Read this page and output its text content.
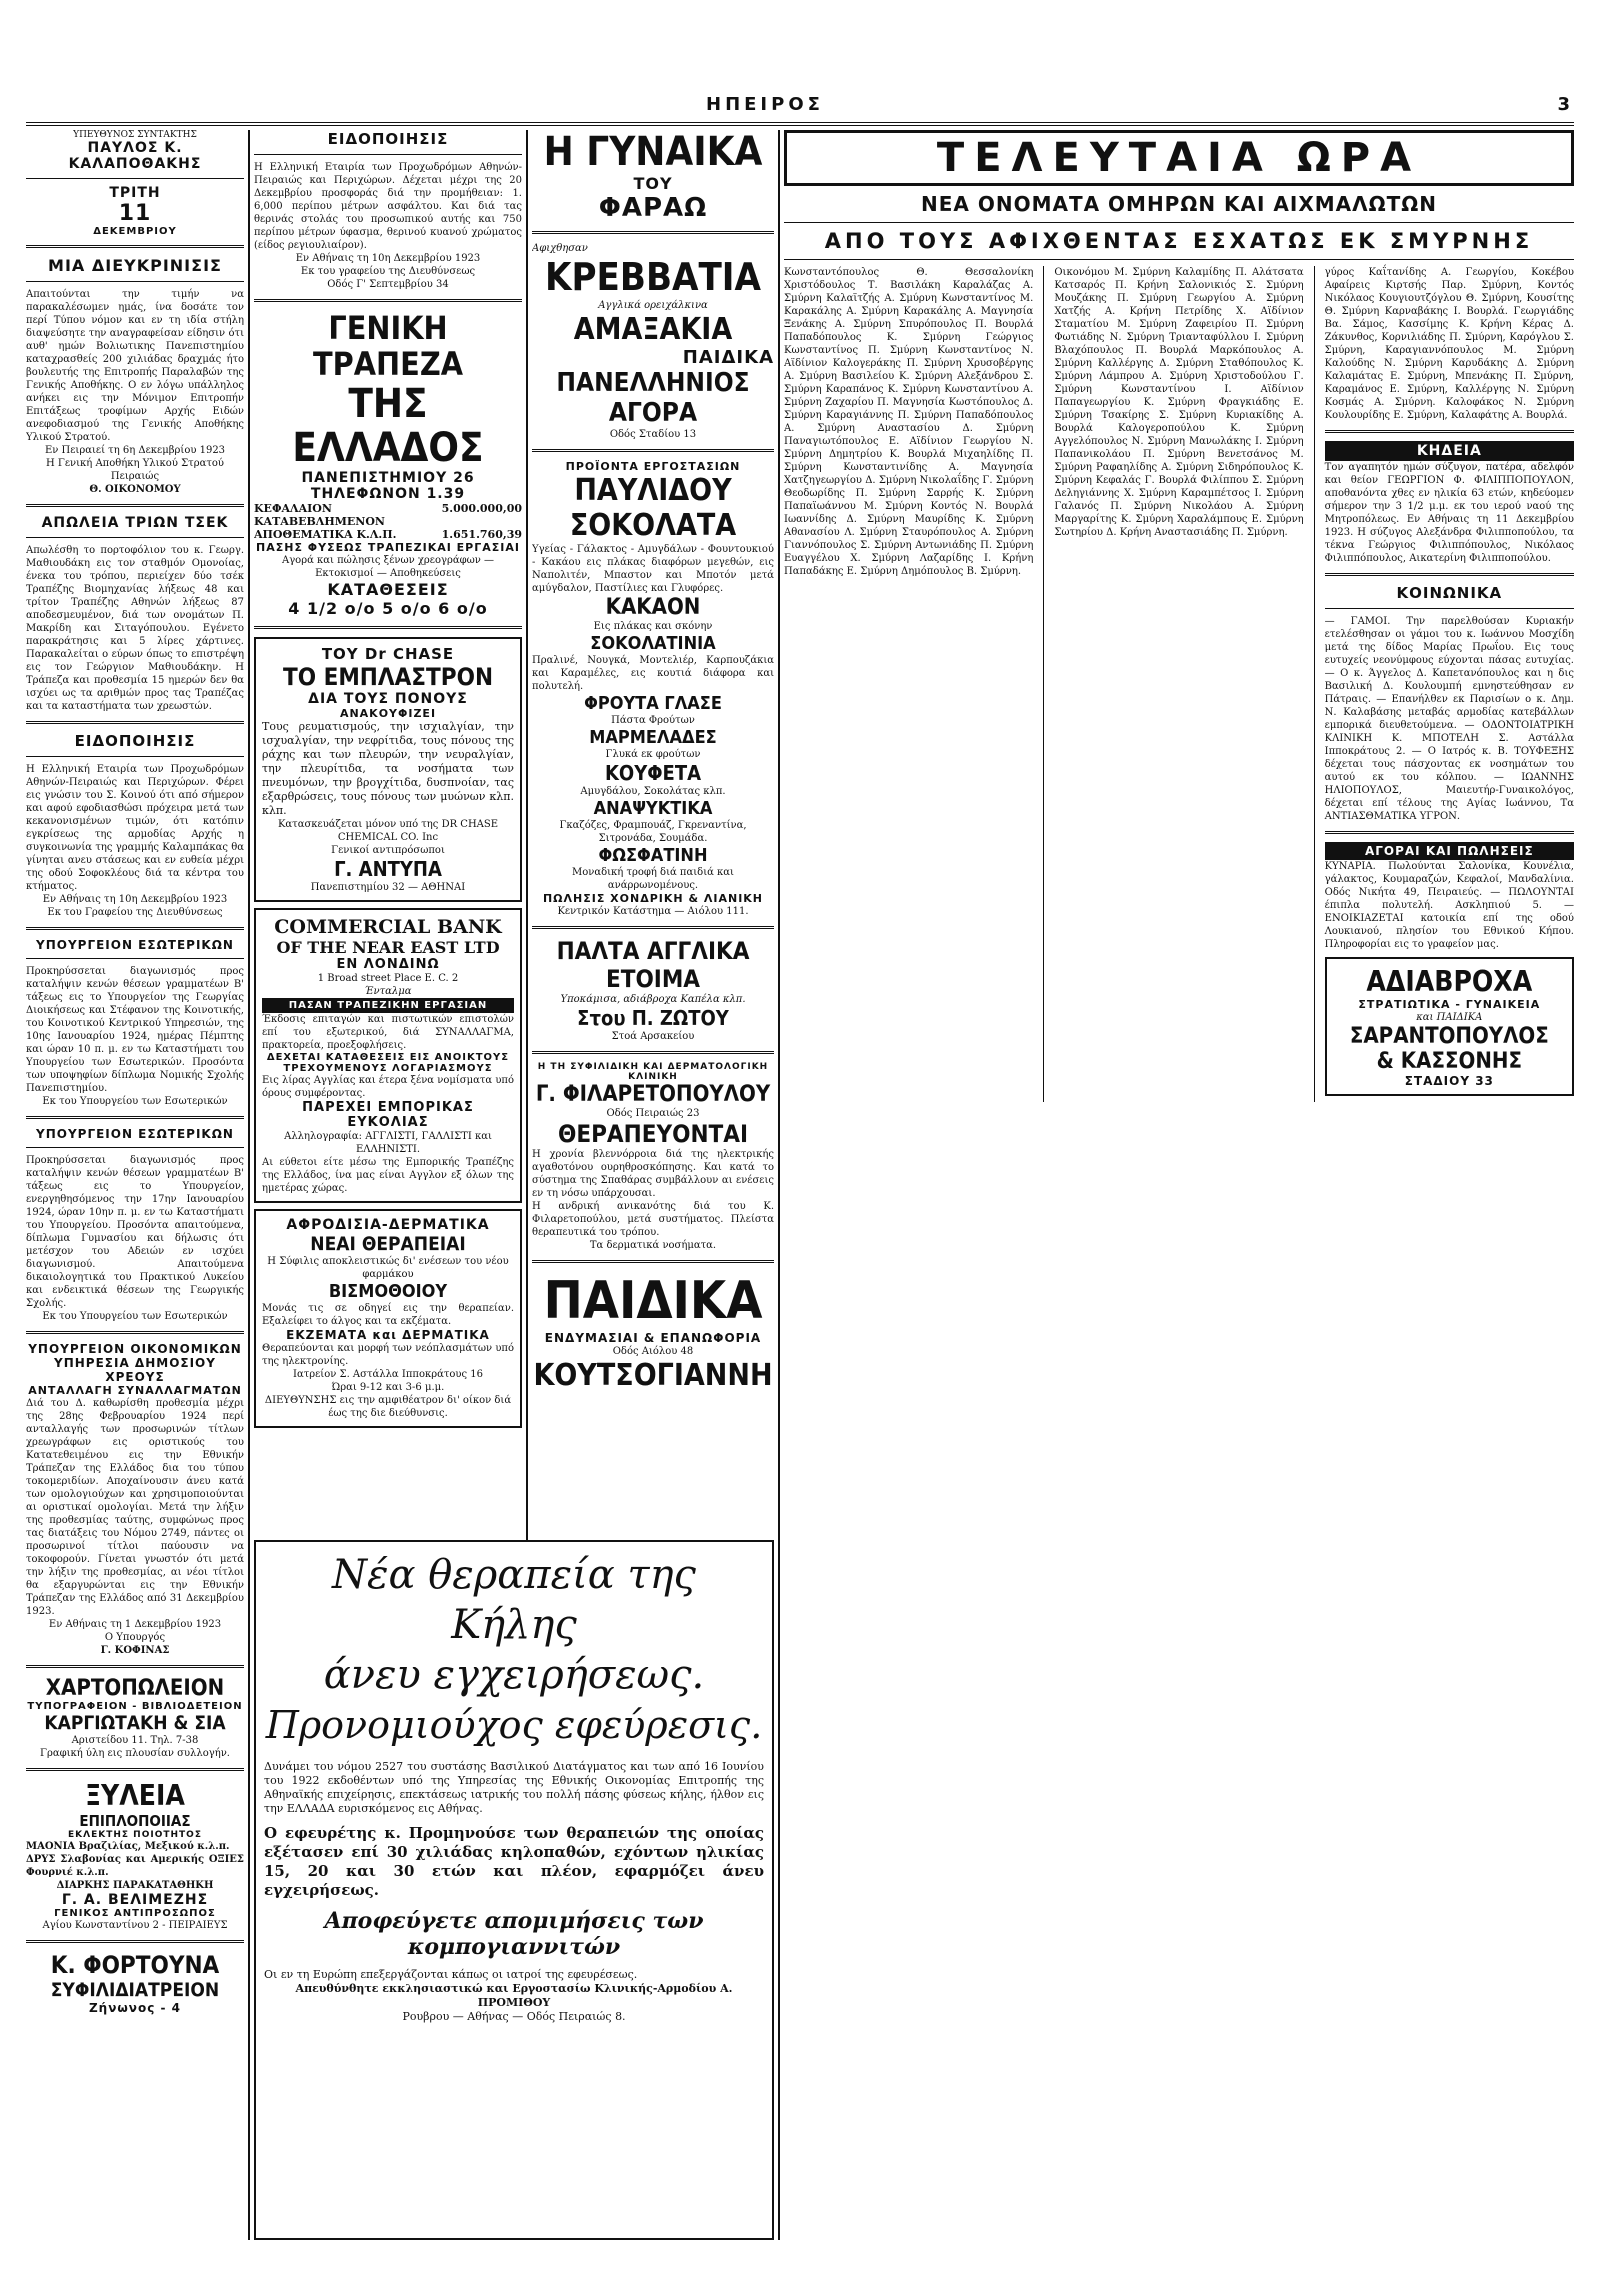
ΗΠΕΙΡΟΣ	3
ΥΠΕΥΘΥΝΟΣ ΣΥΝΤΑΚΤΗΣ
ΠΑΥΛΟΣ Κ. ΚΑΛΑΠΟΘΑΚΗΣ
ΤΡΙΤΗ
11
ΔΕΚΕΜΒΡΙΟΥ
ΜΙΑ ΔΙΕΥΚΡΙΝΙΣΙΣ

Απαιτούνται την τιμήν να παρακαλέσωμεν ημάς, ίνα δοσάτε τον περί Τύπου νόμον και εν τη ιδία στήλη διαψεύσητε την αναγραφείσαν είδησιν ότι αυθ' ημών Βολιωτικης Πανεπιστημίου καταχρασθείς 200 χιλιάδας δραχμάς ήτο βουλευτής της Επιτροπής Παραλαβών της Γενικής Αποθήκης. Ο εν λόγω υπάλληλος ανήκει εις την Μόνιμον Επιτροπήν Επιτάξεως τροφίμων Αρχής Ειδών ανεφοδιασμού της Γενικής Αποθήκης Υλικού Στρατού.

Εν Πειραιεί τη 6η Δεκεμβρίου 1923

Η Γενική Αποθήκη Υλικού Στρατού Πειραιώς

Θ. ΟΙΚΟΝΟΜΟΥ

ΑΠΩΛΕΙΑ ΤΡΙΩΝ ΤΣΕΚ

Απωλέσθη το πορτοφόλιον του κ. Γεωργ. Μαθιουδάκη εις τον σταθμόν Ομονοίας, ένεκα του τρόπου, περιείχεν δύο τσέκ Τραπέζης Βιομηχανίας λήξεως 48 και τρίτον Τραπέζης Αθηνών λήξεως 87 αποδεσμευμένον, διά των ονομάτων Π. Μακρίδη και Σιταγόπουλου. Εγένετο παρακράτησις και 5 λίρες χάρτινες. Παρακαλείται ο εύρων όπως το επιστρέψη εις τον Γεώργιον Μαθιουδάκην. Η Τράπεζα και προθεσμία 15 ημερών δεν θα ισχύει ως τα αριθμών προς τας Τραπέζας και τα καταστήματα των χρεωστών.

ΕΙΔΟΠΟΙΗΣΙΣ

Η Ελληνική Εταιρία των Προχωδρόμων Αθηνών-Πειραιώς και Περιχώρων. Φέρει εις γνώσιν του Σ. Κοινού ότι από σήμερον και αφού εφοδιασθώσι πρόχειρα μετά των κεκανονισμένων τιμών, ότι κατόπιν εγκρίσεως της αρμοδίας Αρχής η συγκοινωνία της γραμμής Καλαμπάκας θα γίνηται ανευ στάσεως και εν ευθεία μέχρι της οδού Σοφοκλέους διά τα κέντρα του κτήματος.

Εν Αθήναις τη 10η Δεκεμβρίου 1923

Εκ του Γραφείου της Διευθύνσεως

ΥΠΟΥΡΓΕΙΟΝ ΕΣΩΤΕΡΙΚΩΝ

Προκηρύσσεται διαγωνισμός προς καταλήψιν κενών θέσεων γραμματέων Β' τάξεως εις το Υπουργείον της Γεωργίας Διοικήσεως και Στέφανον της Κοινοτικής, του Κοινοτικού Κεντρικού Υπηρεσιών, της 10ης Ιανουαρίου 1924, ημέρας Πέμπτης και ώραν 10 π. μ. εν τω Καταστήματι του Υπουργείου των Εσωτερικών. Προσόντα των υποψηφίων δίπλωμα Νομικής Σχολής Πανεπιστημίου.

Εκ του Υπουργείου των Εσωτερικών

ΥΠΟΥΡΓΕΙΟΝ ΕΣΩΤΕΡΙΚΩΝ

Προκηρύσσεται διαγωνισμός προς καταλήψιν κενών θέσεων γραμματέων Β' τάξεως εις το Υπουργείον, ενεργηθησόμενος την 17ην Ιανουαρίου 1924, ώραν 10ην π. μ. εν τω Καταστήματι του Υπουργείου. Προσόντα απαιτούμενα, δίπλωμα Γυμνασίου και δήλωσις ότι μετέσχον του Αδειών εν ισχύει διαγωνισμού. Απαιτούμενα δικαιολογητικά του Πρακτικού Λυκείου και ενδεικτικά θέσεων της Γεωργικής Σχολής.

Εκ του Υπουργείου των Εσωτερικών

ΥΠΟΥΡΓΕΙΟΝ ΟΙΚΟΝΟΜΙΚΩΝ
ΥΠΗΡΕΣΙΑ ΔΗΜΟΣΙΟΥ ΧΡΕΟΥΣ
ΑΝΤΑΛΛΑΓΗ ΣΥΝΑΛΛΑΓΜΑΤΩΝ

Διά του Δ. καθωρίσθη προθεσμία μέχρι της 28ης Φεβρουαρίου 1924 περί ανταλλαγής των προσωρινών τίτλων χρεωγράφων εις οριστικούς του Κατατεθειμένου εις την Εθνικήν Τράπεζαν της Ελλάδος δια του τύπου τοκομεριδίων. Αποχαίνουσιν άνευ κατά των ομολογιούχων και χρησιμοποιούνται αι οριστικαί ομολογίαι. Μετά την λήξιν της προθεσμίας ταύτης, συμφώνως προς τας διατάξεις του Νόμου 2749, πάντες οι προσωρινοί τίτλοι παύουσιν να τοκοφορούν. Γίνεται γνωστόν ότι μετά την λήξιν της προθεσμίας, αι νέοι τίτλοι θα εξαργυρώνται εις την Εθνικήν Τράπεζαν της Ελλάδος από 31 Δεκεμβρίου 1923.

Εν Αθήναις τη 1 Δεκεμβρίου 1923

Ο Υπουργός

Γ. ΚΟΦΙΝΑΣ

ΧΑΡΤΟΠΩΛΕΙΟΝ
ΤΥΠΟΓΡΑΦΕΙΟΝ - ΒΙΒΛΙΟΔΕΤΕΙΟΝ
ΚΑΡΓΙΩΤΑΚΗ & ΣΙΑ
Αριστείδου 11. Τηλ. 7-38
Γραφική ύλη εις πλουσίαν συλλογήν.
ΞΥΛΕΙΑ
ΕΠΙΠΛΟΠΟΙΙΑΣ
ΕΚΛΕΚΤΗΣ ΠΟΙΟΤΗΤΟΣ
ΜΑΟΝΙΑ Βραζιλίας, Μεξικού κ.λ.π.
ΔΡΥΣ Σλαβονίας και Αμερικής ΟΞΙΕΣ Φουρνιέ κ.λ.π.
ΔΙΑΡΚΗΣ ΠΑΡΑΚΑΤΑΘΗΚΗ
Γ. Α. ΒΕΛΙΜΕΖΗΣ
ΓΕΝΙΚΟΣ ΑΝΤΙΠΡΟΣΩΠΟΣ
Αγίου Κωνσταντίνου 2 - ΠΕΙΡΑΙΕΥΣ
Κ. ΦΟΡΤΟΥΝΑ
ΣΥΦΙΛΙΔΙΑΤΡΕΙΟΝ
Ζήνωνος - 4
ΕΙΔΟΠΟΙΗΣΙΣ

Η Ελληνική Εταιρία των Προχωδρόμων Αθηνών-Πειραιώς και Περιχώρων. Δέχεται μέχρι της 20 Δεκεμβρίου προσφοράς διά την προμήθειαν: 1. 6,000 περίπου μέτρων ασφάλτου. Και διά τας θερινάς στολάς του προσωπικού αυτής και 750 περίπου μέτρων ύφασμα, θερινού κυανού χρώματος (είδος ρεγιουλιαίρον).

Εν Αθήναις τη 10η Δεκεμβρίου 1923

Εκ του γραφείου της Διευθύνσεως

Οδός Γ' Σεπτεμβρίου 34

ΓΕΝΙΚΗ ΤΡΑΠΕΖΑ
ΤΗΣ ΕΛΛΑΔΟΣ
ΠΑΝΕΠΙΣΤΗΜΙΟΥ 26
ΤΗΛΕΦΩΝΟΝ 1.39
ΚΕΦΑΛΑΙΟΝ ΚΑΤΑΒΕΒΛΗΜΕΝΟΝ
5.000.000,00
ΑΠΟΘΕΜΑΤΙΚΑ Κ.Λ.Π.	1.651.760,39
ΠΑΣΗΣ ΦΥΣΕΩΣ ΤΡΑΠΕΖΙΚΑΙ ΕΡΓΑΣΙΑΙ
Αγορά και πώλησις ξένων χρεογράφων — Εκτοκισμοί — Αποθηκεύσεις
ΚΑΤΑΘΕΣΕΙΣ
4 1/2 ο/ο 5 ο/ο 6 ο/ο
ΤΟΥ Dr CHASE
ΤΟ ΕΜΠΛΑΣΤΡΟΝ
ΔΙΑ ΤΟΥΣ ΠΟΝΟΥΣ
ΑΝΑΚΟΥΦΙΖΕΙ

Τους ρευματισμούς, την ισχιαλγίαν, την ισχυαλγίαν, την νεφρίτιδα, τους πόνους της ράχης και των πλευρών, την νευραλγίαν, την πλευρίτιδα, τα νοσήματα των πνευμόνων, την βρογχίτιδα, δυσπνοίαν, τας εξαρθρώσεις, τους πόνους των μυώνων κλπ. κλπ.

Κατασκευάζεται μόνον υπό της DR CHASE CHEMICAL CO. Inc

Γενικοί αντιπρόσωποι

Γ. ΑΝΤΥΠΑ
Πανεπιστημίου 32 — ΑΘΗΝΑΙ
COMMERCIAL BANK
OF THE NEAR EAST LTD
ΕΝ ΛΟΝΔΙΝΩ
1 Broad street Place E. C. 2
Ένταλμα
ΠΑΣΑΝ ΤΡΑΠΕΖΙΚΗΝ ΕΡΓΑΣΙΑΝ

Έκδοσις επιταγών και πιστωτικών επιστολών επί του εξωτερικού, διά ΣΥΝΑΛΛΑΓΜΑ, πρακτορεία, προεξοφλήσεις.

ΔΕΧΕΤΑΙ ΚΑΤΑΘΕΣΕΙΣ ΕΙΣ ΑΝΟΙΚΤΟΥΣ ΤΡΕΧΟΥΜΕΝΟΥΣ ΛΟΓΑΡΙΑΣΜΟΥΣ

Εις λίρας Αγγλίας και έτερα ξένα νομίσματα υπό όρους συμφέροντας.

ΠΑΡΕΧΕΙ ΕΜΠΟΡΙΚΑΣ ΕΥΚΟΛΙΑΣ

Αλληλογραφία: ΑΓΓΛΙΣΤΙ, ΓΑΛΛΙΣΤΙ και ΕΛΛΗΝΙΣΤΙ.

Αι εύθετοι είτε μέσω της Εμπορικής Τραπέζης της Ελλάδος, ίνα μας είναι Αγγλον εξ όλων της ημετέρας χώρας.

ΑΦΡΟΔΙΣΙΑ-ΔΕΡΜΑΤΙΚΑ
ΝΕΑΙ ΘΕΡΑΠΕΙΑΙ

Η Σύφιλις αποκλειστικώς δι' ενέσεων του νέου φαρμάκου

ΒΙΣΜΟΘΟΙΟΥ

Μονάς τις σε οδηγεί εις την θεραπείαν. Εξαλείφει το άλγος και τα εκζέματα.

ΕΚΖΕΜΑΤΑ και ΔΕΡΜΑΤΙΚΑ

Θεραπεύονται και μορφή των νεόπλασμάτων υπό της ηλεκτρονίης.

Ιατρείον Σ. Αστάλλα Ιπποκράτους 16

Ώραι 9-12 και 3-6 μ.μ.

ΔΙΕΥΘΥΝΣΗΣ εις την αμφιθέατρον δι' οίκον διά έως της διε διεύθυνσις.

Νέα θεραπεία της Κήλης
άνευ εγχειρήσεως.
Προνομιούχος εφεύρεσις.

Δυνάμει του νόμου 2527 του συστάσης Βασιλικού Διατάγματος και των από 16 Ιουνίου του 1922 εκδοθέντων υπό της Υπηρεσίας της Εθνικής Οικονομίας Επιτροπής της Αθηναϊκής επιχείρησις, επεκτάσεως ιατρικής του πολλή πάσης φύσεως κήλης, ήλθον εις την ΕΛΛΑΔΑ ευρισκόμενος εις Αθήνας.

Ο εφευρέτης κ. Προμηνούσε των θεραπειών της οποίας εξέτασεν επί 30 χιλιάδας κηλοπαθών, εχόντων ηλικίας 15, 20 και 30 ετών και πλέον, εφαρμόζει άνευ εγχειρήσεως.

Αποφεύγετε απομιμήσεις των κομπογιαννιτών

Οι εν τη Ευρώπη επεξεργάζονται κάπως οι ιατροί της εφευρέσεως.

Απευθύνθητε εκκλησιαστικώ και Εργοστασίω Κλινικής-Αρμοδίου Α. ΠΡΟΜΙΘΟΥ

Ρουβρου — Αθήνας — Οδός Πειραιώς 8.

Η ΓΥΝΑΙΚΑ
ΤΟΥ
ΦΑΡΑΩ
Αφιχθησαν
ΚΡΕΒΒΑΤΙΑ
Αγγλικά ορειχάλκινα
ΑΜΑΞΑΚΙΑ
ΠΑΙΔΙΚΑ
ΠΑΝΕΛΛΗΝΙΟΣ ΑΓΟΡΑ
Οδός Σταδίου 13
ΠΡΟΪΟΝΤΑ ΕΡΓΟΣΤΑΣΙΩΝ
ΠΑΥΛΙΔΟΥ
ΣΟΚΟΛΑΤΑ

Υγείας - Γάλακτος - Αμυγδάλων - Φουντουκιού - Κακάου εις πλάκας διαφόρων μεγεθών, εις Ναπολιτέν, Μπαστον και Μποτόν μετά αμύγδαλον, Παστίλιες και Γλυφόρες.

ΚΑΚΑΟΝ
Εις πλάκας και σκόνην
ΣΟΚΟΛΑΤΙΝΙΑ

Πραλινέ, Νουγκά, Μοντελιέρ, Καρπουζάκια και Καραμέλες, εις κουτιά διάφορα και πολυτελή.

ΦΡΟΥΤΑ ΓΛΑΣΕ
Πάστα Φρούτων
ΜΑΡΜΕΛΑΔΕΣ
Γλυκά εκ φρούτων
ΚΟΥΦΕΤΑ
Αμυγδάλου, Σοκολάτας κλπ.
ΑΝΑΨΥΚΤΙΚΑ
Γκαζόζες, Φραμπουάζ, Γκρεναντίνα, Σιτρονάδα, Σουμάδα.
ΦΩΣΦΑΤΙΝΗ
Μοναδική τροφή διά παιδιά και ανάρρωνομένους.
ΠΩΛΗΣΙΣ ΧΟΝΔΡΙΚΗ & ΛΙΑΝΙΚΗ
Κεντρικόν Κατάστημα — Αιόλου 111.
ΠΑΛΤΑ ΑΓΓΛΙΚΑ ΕΤΟΙΜΑ
Υποκάμισα, αδιάβροχα Καπέλα κλπ.
Στου Π. ΖΩΤΟΥ
Στοά Αρσακείου
Η ΤΗ ΣΥΦΙΛΙΔΙΚΗ ΚΑΙ ΔΕΡΜΑΤΟΛΟΓΙΚΗ ΚΛΙΝΙΚΗ
Γ. ΦΙΛΑΡΕΤΟΠΟΥΛΟΥ
Οδός Πειραιώς 23
ΘΕΡΑΠΕΥΟΝΤΑΙ

Η χρονία βλεννόρροια διά της ηλεκτρικής αγαθοτόνου ουρηθροσκόπησης. Και κατά το σύστημα της Σπαθάρας συμβάλλουν αι ενέσεις εν τη νόσω υπάρχουσαι.

Η ανδρική ανικανότης διά του Κ. Φιλαρετοπούλου, μετά συστήματος. Πλείστα θεραπευτικά του τρόπου.

Τα δερματικά νοσήματα.
ΠΑΙΔΙΚΑ
ΕΝΔΥΜΑΣΙΑΙ & ΕΠΑΝΩΦΟΡΙΑ
Οδός Αιόλου 48
ΚΟΥΤΣΟΓΙΑΝΝΗ
ΤΕΛΕΥΤΑΙΑ ΩΡΑ
ΝΕΑ ΟΝΟΜΑΤΑ ΟΜΗΡΩΝ ΚΑΙ ΑΙΧΜΑΛΩΤΩΝ
ΑΠΟ ΤΟΥΣ ΑΦΙΧΘΕΝΤΑΣ ΕΣΧΑΤΩΣ ΕΚ ΣΜΥΡΝΗΣ

Κωνσταντόπουλος Θ. Θεσσαλονίκη Χριστόδουλος Τ. Βασιλάκη Καραλάζας Α. Σμύρνη Καλαϊτζής Α. Σμύρνη Κωνσταντίνος Μ. Καρακάλης Α. Σμύρνη Καρακάλης Α. Μαγνησία Ξενάκης Α. Σμύρνη Σπυρόπουλος Π. Βουρλά Παπαδόπουλος Κ. Σμύρνη Γεώργιος Κωνσταντίνος Π. Σμύρνη Κωνσταντίνος Ν. Αϊδίνιον Καλογεράκης Π. Σμύρνη Χρυσοβέργης Α. Σμύρνη Βασιλείου Κ. Σμύρνη Αλεξάνδρου Σ. Σμύρνη Καραπάνος Κ. Σμύρνη Κωνσταντίνου Α. Σμύρνη Ζαχαρίου Π. Μαγνησία Κωστόπουλος Δ. Σμύρνη Καραγιάννης Π. Σμύρνη Παπαδόπουλος Α. Σμύρνη Αναστασίου Δ. Σμύρνη Παναγιωτόπουλος Ε. Αϊδίνιον Γεωργίου Ν. Σμύρνη Δημητρίου Κ. Βουρλά Μιχαηλίδης Π. Σμύρνη Κωνσταντινίδης Α. Μαγνησία Χατζηγεωργίου Δ. Σμύρνη Νικολαΐδης Γ. Σμύρνη Θεοδωρίδης Π. Σμύρνη Σαρρής Κ. Σμύρνη Παπαϊωάννου Μ. Σμύρνη Κοντός Ν. Βουρλά Ιωαννίδης Δ. Σμύρνη Μαυρίδης Κ. Σμύρνη Αθανασίου Λ. Σμύρνη Σταυρόπουλος Α. Σμύρνη Γιαννόπουλος Σ. Σμύρνη Αντωνιάδης Π. Σμύρνη Ευαγγέλου Χ. Σμύρνη Λαζαρίδης Ι. Κρήνη Παπαδάκης Ε. Σμύρνη Δημόπουλος Β. Σμύρνη.

Οικονόμου Μ. Σμύρνη Καλαμίδης Π. Αλάτσατα Κατσαρός Π. Κρήνη Σαλονικιός Σ. Σμύρνη Μουζάκης Π. Σμύρνη Γεωργίου Α. Σμύρνη Χατζής Α. Κρήνη Πετρίδης Χ. Αϊδίνιον Σταματίου Μ. Σμύρνη Ζαφειρίου Π. Σμύρνη Φωτιάδης Ν. Σμύρνη Τριανταφύλλου Ι. Σμύρνη Βλαχόπουλος Π. Βουρλά Μαρκόπουλος Α. Σμύρνη Καλλέργης Δ. Σμύρνη Σταθόπουλος Κ. Σμύρνη Λάμπρου Α. Σμύρνη Χριστοδούλου Γ. Σμύρνη Κωνσταντίνου Ι. Αϊδίνιον Παπαγεωργίου Κ. Σμύρνη Φραγκιάδης Ε. Σμύρνη Τσακίρης Σ. Σμύρνη Κυριακίδης Α. Βουρλά Καλογεροπούλου Κ. Σμύρνη Αγγελόπουλος Ν. Σμύρνη Μανωλάκης Ι. Σμύρνη Παπανικολάου Π. Σμύρνη Βενετσάνος Μ. Σμύρνη Ραφαηλίδης Α. Σμύρνη Σιδηρόπουλος Κ. Σμύρνη Κεφαλάς Γ. Βουρλά Φιλίππου Σ. Σμύρνη Δεληγιάννης Χ. Σμύρνη Καραμπέτσος Ι. Σμύρνη Γαλανός Π. Σμύρνη Νικολάου Α. Σμύρνη Μαργαρίτης Κ. Σμύρνη Χαραλάμπους Ε. Σμύρνη Σωτηρίου Δ. Κρήνη Αναστασιάδης Π. Σμύρνη.

γύρος Καΐτανίδης Α. Γεωργίου, Κοκέβου Αφαίρεις Κιρτσής Παρ. Σμύρνη, Κοντός Νικόλαος Κουγιουτζόγλου Θ. Σμύρνη, Κουσίτης Θ. Σμύρνη Καρναβάκης Ι. Βουρλά. Γεωργιάδης Βα. Σάμος, Κασσίμης Κ. Κρήνη Κέρας Δ. Ζάκυνθος, Κορνιλιάδης Π. Σμύρνη, Καρόγλου Σ. Σμύρνη, Καραγιαννόπουλος Μ. Σμύρνη Καλούδης Ν. Σμύρνη Καρυδάκης Δ. Σμύρνη Καλαμάτας Ε. Σμύρνη, Μπενάκης Π. Σμύρνη, Καραμάνος Ε. Σμύρνη, Καλλέργης Ν. Σμύρνη Κοσμάς Α. Σμύρνη. Καλοφάκος Ν. Σμύρνη Κουλουρίδης Ε. Σμύρνη, Καλαφάτης Α. Βουρλά.

ΚΗΔΕΙΑ

Τον αγαπητόν ημών σύζυγον, πατέρα, αδελφόν και θείον ΓΕΩΡΓΙΟΝ Φ. ΦΙΛΙΠΠΟΠΟΥΛΟΝ, αποθανόντα χθες εν ηλικία 63 ετών, κηδεύομεν σήμερον την 3 1/2 μ.μ. εκ του ιερού ναού της Μητροπόλεως. Εν Αθήναις τη 11 Δεκεμβρίου 1923. Η σύζυγος Αλεξάνδρα Φιλιπποπούλου, τα τέκνα Γεώργιος Φιλιππόπουλος, Νικόλαος Φιλιππόπουλος, Αικατερίνη Φιλιπποπούλου.

ΚΟΙΝΩΝΙΚΑ

— ΓΑΜΟΙ. Την παρελθούσαν Κυριακήν ετελέσθησαν οι γάμοι του κ. Ιωάννου Μοσχίδη μετά της δίδος Μαρίας Πρωΐου. Εις τους ευτυχείς νεονύμφους εύχονται πάσας ευτυχίας. — Ο κ. Άγγελος Δ. Καπετανόπουλος και η δις Βασιλική Δ. Κουλουμπή εμνηστεύθησαν εν Πάτραις. — Επανήλθεν εκ Παρισίων ο κ. Δημ. Ν. Καλαβάσης μεταβάς αρμοδίας κατεβάλλων εμπορικά διευθετούμενα. — ΟΔΟΝΤΟΙΑΤΡΙΚΗ ΚΛΙΝΙΚΗ Κ. ΜΠΟΤΕΛΗ Σ. Αστάλλα Ιπποκράτους 2. — Ο Ιατρός κ. Β. ΤΟΥΦΕΞΗΣ δέχεται τους πάσχοντας εκ νοσημάτων του αυτού εκ του κόλπου. — ΙΩΑΝΝΗΣ ΗΛΙΟΠΟΥΛΟΣ, Μαιευτήρ-Γυναικολόγος, δέχεται επί τέλους της Αγίας Ιωάννου, Τα ΑΝΤΙΑΣΘΜΑΤΙΚΑ ΥΓΡΟΝ.

ΑΓΟΡΑΙ ΚΑΙ ΠΩΛΗΣΕΙΣ

ΚΥΝΑΡΙΑ. Πωλούνται Σαλονίκα, Κουνέλια, γάλακτος, Κουμαραζών, Κεφαλοί, Μανδαλίνια. Οδός Νικήτα 49, Πειραιεύς. — ΠΩΛΟΥΝΤΑΙ έπιπλα πολυτελή. Ασκληπιού 5. — ΕΝΟΙΚΙΑΖΕΤΑΙ κατοικία επί της οδού Λουκιανού, πλησίον του Εθνικού Κήπου. Πληροφορίαι εις το γραφείον μας.

ΑΔΙΑΒΡΟΧΑ
ΣΤΡΑΤΙΩΤΙΚΑ - ΓΥΝΑΙΚΕΙΑ
και ΠΑΙΔΙΚΑ
ΣΑΡΑΝΤΟΠΟΥΛΟΣ
& ΚΑΣΣΟΝΗΣ
ΣΤΑΔΙΟΥ 33
